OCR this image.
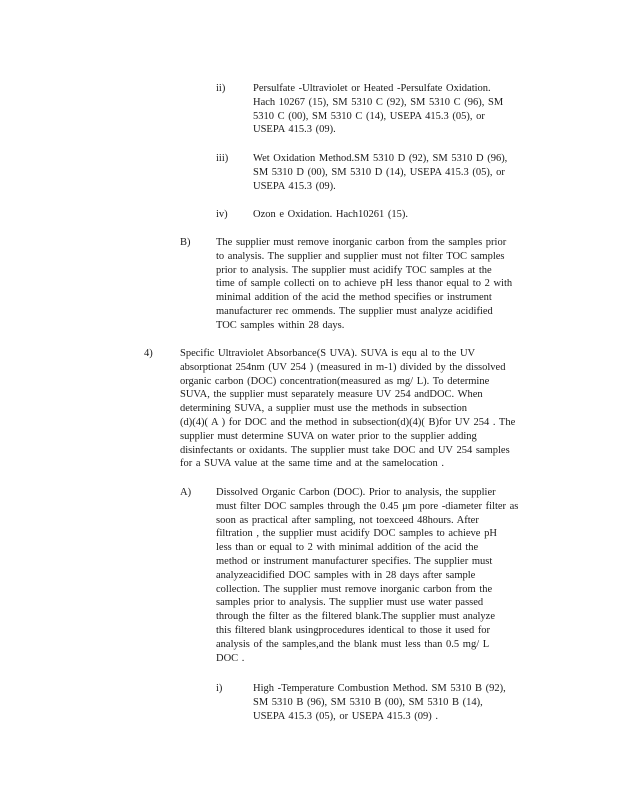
ii)	Persulfate -Ultraviolet or Heated -Persulfate Oxidation.
Hach 10267 (15), SM 5310 C (92), SM 5310 C (96), SM
5310 C (00), SM 5310 C (14), USEPA 415.3 (05), or
USEPA 415.3 (09).
iii) Wet Oxidation Method.SM 5310 D (92), SM 5310 D (96),
SM 5310 D (00), SM 5310 D (14), USEPA 415.3 (05), or
USEPA 415.3 (09).
iv) Ozon e Oxidation. Hach10261 (15).
B) The supplier must remove inorganic carbon from the samples prior
to analysis. The supplier and supplier must not filter TOC samples
prior to analysis. The supplier must acidify TOC samples at the
time of sample collecti on to achieve pH less thanor equal to 2 with
minimal addition of the acid the method specifies or instrument
manufacturer rec ommends. The supplier must analyze acidified
TOC samples within 28 days.
4)	Specific Ultraviolet Absorbance(S UVA). SUVA is equ al to the UV
absorptionat 254nm (UV 254 ) (measured in m-1) divided by the dissolved
organic carbon (DOC) concentration(measured as mg/ L). To determine
SUVA, the supplier must separately measure UV 254 andDOC. When
determining SUVA, a supplier must use the methods in subsection
(d)(4)( A ) for DOC and the method in subsection(d)(4)( B)for UV 254 . The
supplier must determine SUVA on water prior to the supplier adding
disinfectants or oxidants. The supplier must take DOC and UV 254 samples
for a SUVA value at the same time and at the samelocation .
A) Dissolved Organic Carbon (DOC). Prior to analysis, the supplier
must filter DOC samples through the 0.45 μm pore -diameter filter as
soon as practical after sampling, not toexceed 48hours. After
filtration , the supplier must acidify DOC samples to achieve pH
less than or equal to 2 with minimal addition of the acid the
method or instrument manufacturer specifies. The supplier must
analyzeacidified DOC samples with in 28 days after sample
collection. The supplier must remove inorganic carbon from the
samples prior to analysis. The supplier must use water passed
through the filter as the filtered blank.The supplier must analyze
this filtered blank usingprocedures identical to those it used for
analysis of the samples,and the blank must less than 0.5 mg/ L
DOC .
i)	High -Temperature Combustion Method. SM 5310 B (92),
SM 5310 B (96), SM 5310 B (00), SM 5310 B (14),
USEPA 415.3 (05), or USEPA 415.3 (09) .
